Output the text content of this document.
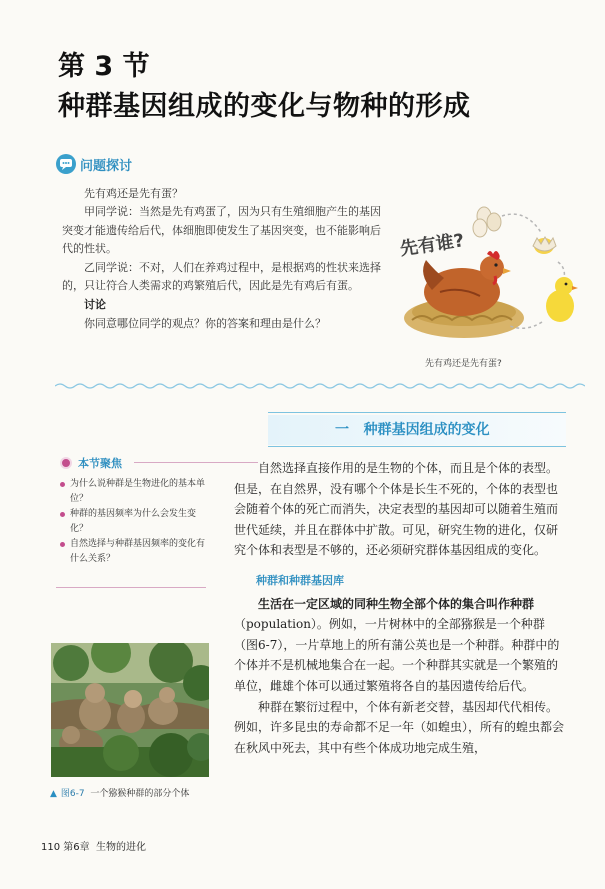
第 3 节
种群基因组成的变化与物种的形成
问题探讨

先有鸡还是先有蛋？

甲同学说：当然是先有鸡蛋了，因为只有生殖细胞产生的基因突变才能遗传给后代，体细胞即使发生了基因突变，也不能影响后代的性状。

乙同学说：不对，人们在养鸡过程中，是根据鸡的性状来选择的，只让符合人类需求的鸡繁殖后代，因此是先有鸡后有蛋。

讨论

你同意哪位同学的观点？你的答案和理由是什么？

先有谁?
先有鸡还是先有蛋?
一 种群基因组成的变化
本节聚焦
为什么说种群是生物进化的基本单位？
种群的基因频率为什么会发生变化？
自然选择与种群基因频率的变化有什么关系？

自然选择直接作用的是生物的个体，而且是个体的表型。但是，在自然界，没有哪个个体是长生不死的，个体的表型也会随着个体的死亡而消失，决定表型的基因却可以随着生殖而世代延续，并且在群体中扩散。可见，研究生物的进化，仅研究个体和表型是不够的，还必须研究群体基因组成的变化。

种群和种群基因库

生活在一定区域的同种生物全部个体的集合叫作种群（population）。例如，一片树林中的全部猕猴是一个种群（图6-7），一片草地上的所有蒲公英也是一个种群。种群中的个体并不是机械地集合在一起。一个种群其实就是一个繁殖的单位，雌雄个体可以通过繁殖将各自的基因遗传给后代。

种群在繁衍过程中，个体有新老交替，基因却代代相传。例如，许多昆虫的寿命都不足一年（如蝗虫），所有的蝗虫都会在秋风中死去，其中有些个体成功地完成生殖，

▲ 图6-7 一个猕猴种群的部分个体
110 第6章 生物的进化
